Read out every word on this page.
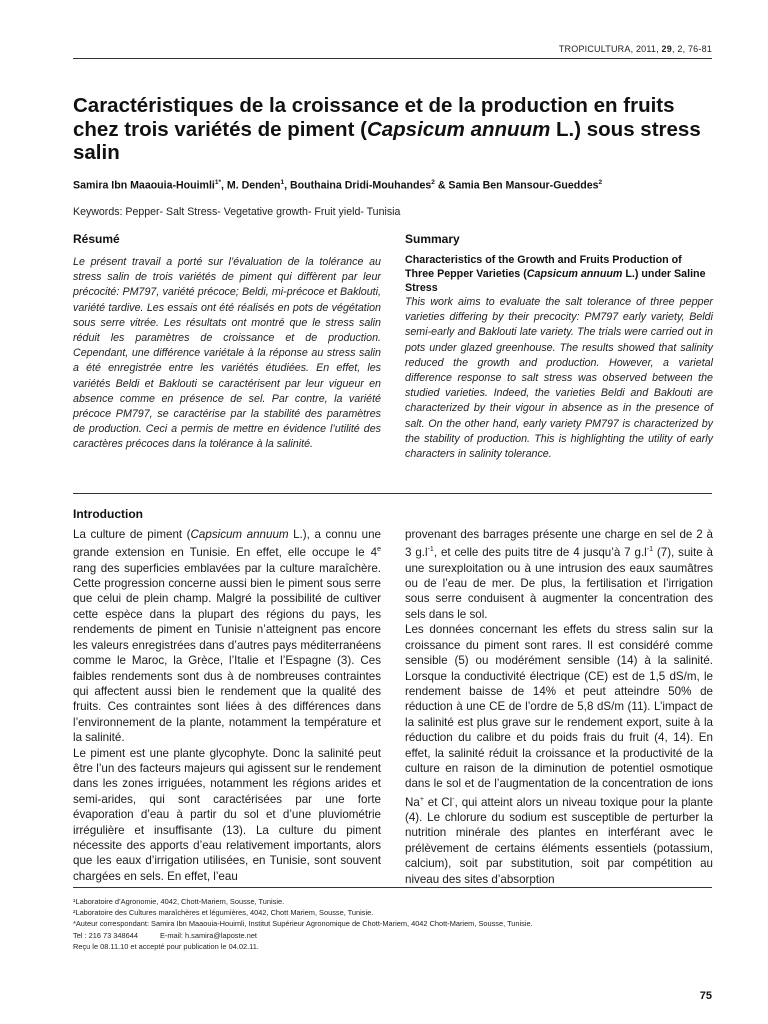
TROPICULTURA, 2011, 29, 2, 76-81
Caractéristiques de la croissance et de la production en fruits chez trois variétés de piment (Capsicum annuum L.) sous stress salin
Samira Ibn Maaouia-Houimli$^{1*}$, M. Denden$^1$, Bouthaina Dridi-Mouhandes$^2$ & Samia Ben Mansour-Gueddes$^2$
Keywords: Pepper- Salt Stress- Vegetative growth- Fruit yield- Tunisia
Résumé

Le présent travail a porté sur l’évaluation de la tolérance au stress salin de trois variétés de piment qui diffèrent par leur précocité: PM797, variété précoce; Beldi, mi-précoce et Baklouti, variété tardive. Les essais ont été réalisés en pots de végétation sous serre vitrée. Les résultats ont montré que le stress salin réduit les paramètres de croissance et de production. Cependant, une différence variétale à la réponse au stress salin a été enregistrée entre les variétés étudiées. En effet, les variétés Beldi et Baklouti se caractérisent par leur vigueur en absence comme en présence de sel. Par contre, la variété précoce PM797, se caractérise par la stabilité des paramètres de production. Ceci a permis de mettre en évidence l’utilité des caractères précoces dans la tolérance à la salinité.

Summary

Characteristics of the Growth and Fruits Production of Three Pepper Varieties (Capsicum annuum L.) under Saline Stress

This work aims to evaluate the salt tolerance of three pepper varieties differing by their precocity: PM797 early variety, Beldi semi-early and Baklouti late variety. The trials were carried out in pots under glazed greenhouse. The results showed that salinity reduced the growth and production. However, a varietal difference response to salt stress was observed between the studied varieties. Indeed, the varieties Beldi and Baklouti are characterized by their vigour in absence as in the presence of salt. On the other hand, early variety PM797 is characterized by the stability of production. This is highlighting the utility of early characters in salinity tolerance.

Introduction

La culture de piment (Capsicum annuum L.), a connu une grande extension en Tunisie. En effet, elle occupe le 4e rang des superficies emblavées par la culture maraîchère. Cette progression concerne aussi bien le piment sous serre que celui de plein champ. Malgré la possibilité de cultiver cette espèce dans la plupart des régions du pays, les rendements de piment en Tunisie n’atteignent pas encore les valeurs enregistrées dans d’autres pays méditerranéens comme le Maroc, la Grèce, l’Italie et l’Espagne (3). Ces faibles rendements sont dus à de nombreuses contraintes qui affectent aussi bien le rendement que la qualité des fruits. Ces contraintes sont liées à des différences dans l’environnement de la plante, notamment la température et la salinité.

Le piment est une plante glycophyte. Donc la salinité peut être l’un des facteurs majeurs qui agissent sur le rendement dans les zones irriguées, notamment les régions arides et semi-arides, qui sont caractérisées par une forte évaporation d’eau à partir du sol et d’une pluviométrie irrégulière et insuffisante (13). La culture du piment nécessite des apports d’eau relativement importants, alors que les eaux d’irrigation utilisées, en Tunisie, sont souvent chargées en sels. En effet, l’eau

provenant des barrages présente une charge en sel de 2 à 3 $g.l^{-1}$, et celle des puits titre de 4 jusqu’à 7 $g.l^{-1}$ (7), suite à une surexploitation ou à une intrusion des eaux saumâtres ou de l’eau de mer. De plus, la fertilisation et l’irrigation sous serre conduisent à augmenter la concentration des sels dans le sol.

Les données concernant les effets du stress salin sur la croissance du piment sont rares. Il est considéré comme sensible (5) ou modérément sensible (14) à la salinité. Lorsque la conductivité électrique (CE) est de 1,5 dS/m, le rendement baisse de 14% et peut atteindre 50% de réduction à une CE de l’ordre de 5,8 dS/m (11). L’impact de la salinité est plus grave sur le rendement export, suite à la réduction du calibre et du poids frais du fruit (4, 14). En effet, la salinité réduit la croissance et la productivité de la culture en raison de la diminution de potentiel osmotique dans le sol et de l’augmentation de la concentration de ions Na+ et Cl-, qui atteint alors un niveau toxique pour la plante (4). Le chlorure du sodium est susceptible de perturber la nutrition minérale des plantes en interférant avec le prélèvement de certains éléments essentiels (potassium, calcium), soit par substitution, soit par compétition au niveau des sites d’absorption

¹Laboratoire d’Agronomie, 4042, Chott-Mariem, Sousse, Tunisie.
²Laboratoire des Cultures maraîchères et légumières, 4042, Chott Mariem, Sousse, Tunisie.
*Auteur correspondant: Samira Ibn Maaouia-Houimli, Institut Supérieur Agronomique de Chott-Mariem, 4042 Chott-Mariem, Sousse, Tunisie.
Tel : 216 73 348644	E-mail: h.samira@laposte.net
Reçu le 08.11.10 et accepté pour publication le 04.02.11.
75
